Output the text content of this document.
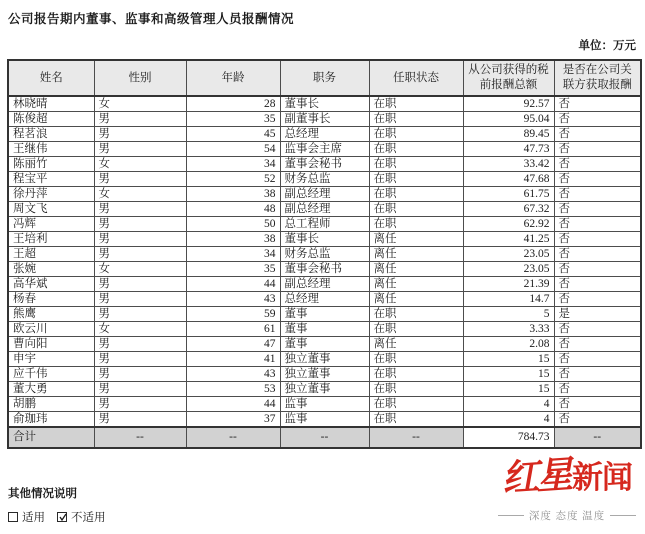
公司报告期内董事、监事和高级管理人员报酬情况
单位：万元
姓名	性别	年龄	职务	任职状态	从公司获得的税前报酬总额	是否在公司关联方获取报酬
林晓晴	女	28	董事长	在职	92.57	否
陈俊超	男	35	副董事长	在职	95.04	否
程茗浪	男	45	总经理	在职	89.45	否
王继伟	男	54	监事会主席	在职	47.73	否
陈丽竹	女	34	董事会秘书	在职	33.42	否
程宝平	男	52	财务总监	在职	47.68	否
徐丹萍	女	38	副总经理	在职	61.75	否
周文飞	男	48	副总经理	在职	67.32	否
冯辉	男	50	总工程师	在职	62.92	否
王培利	男	38	董事长	离任	41.25	否
王超	男	34	财务总监	离任	23.05	否
张婉	女	35	董事会秘书	离任	23.05	否
高华斌	男	44	副总经理	离任	21.39	否
杨春	男	43	总经理	离任	14.7	否
熊鹰	男	59	董事	在职	5	是
欧云川	女	61	董事	在职	3.33	否
曹向阳	男	47	董事	离任	2.08	否
申宇	男	41	独立董事	在职	15	否
应千伟	男	43	独立董事	在职	15	否
董大勇	男	53	独立董事	在职	15	否
胡鹏	男	44	监事	在职	4	否
俞珈玮	男	37	监事	在职	4	否
合计	--	--	--	--	784.73	--
其他情况说明
适用 不适用
红星新闻
深度 态度 温度
